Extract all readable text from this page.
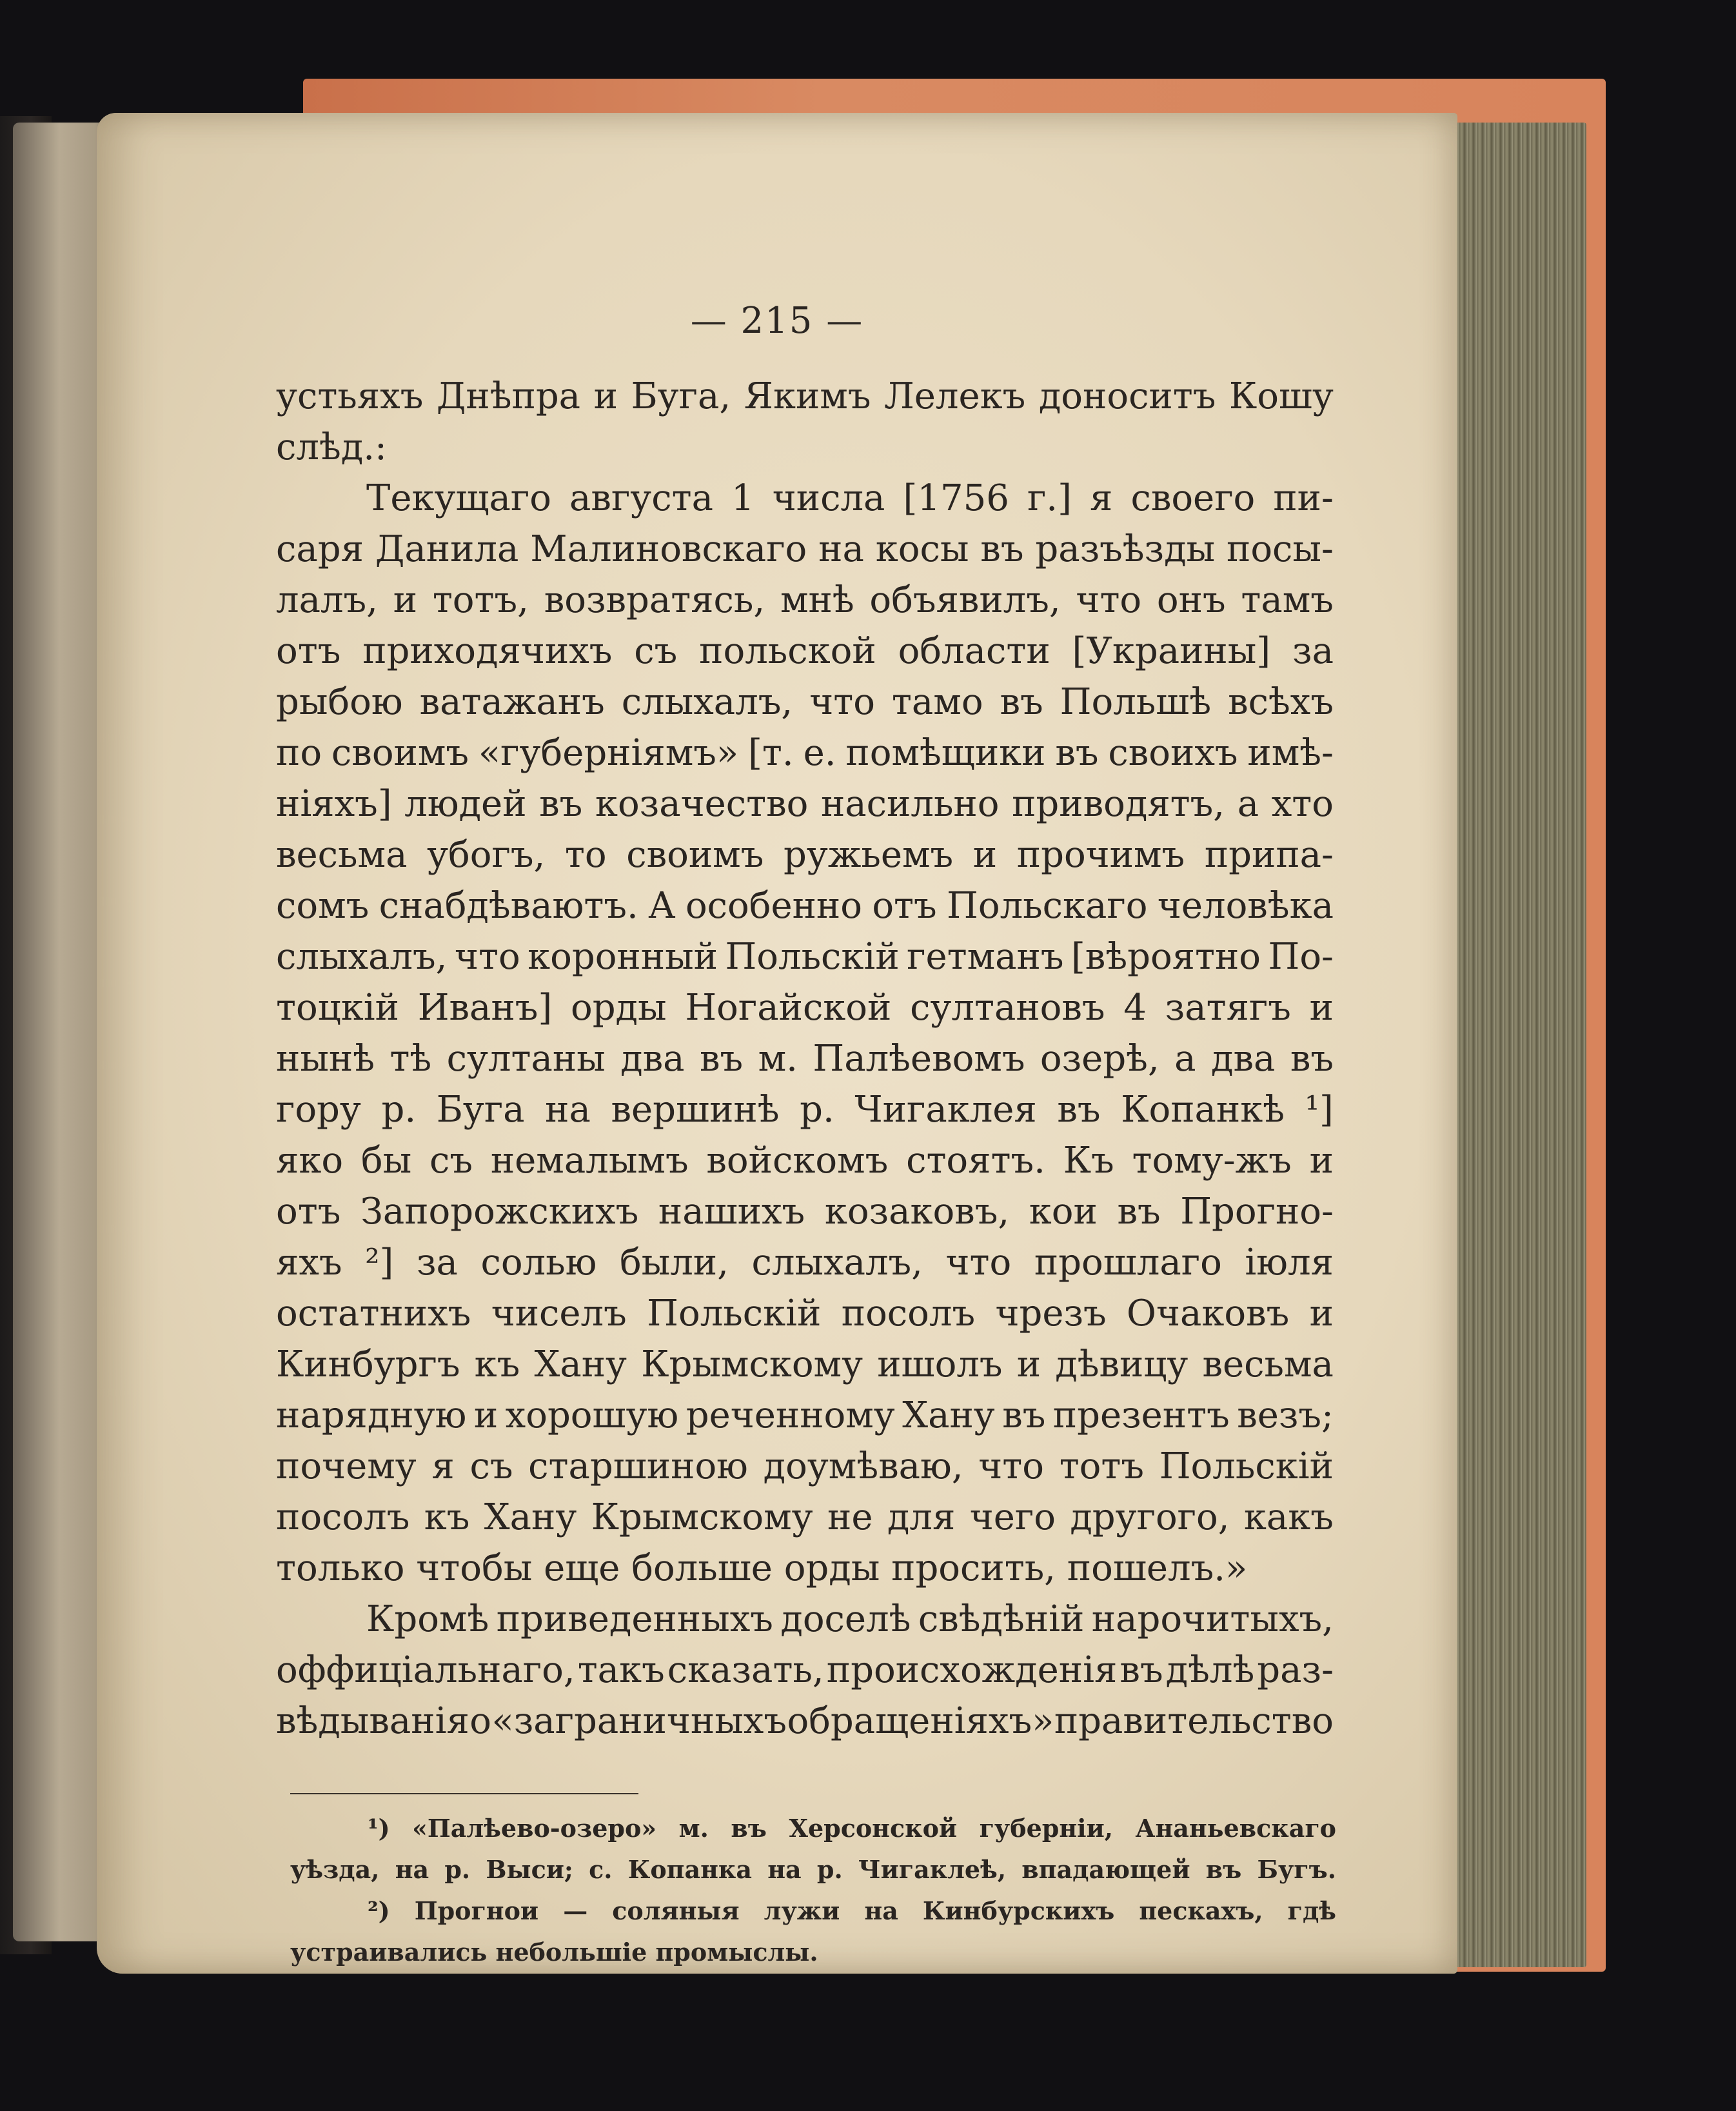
— 215 —
устьяхъ Днѣпра и Буга, Якимъ Лелекъ доноситъ Кошу
слѣд.:
Текущаго августа 1 числа [1756 г.] я своего пи-
саря Данила Малиновскаго на косы въ разъѣзды посы-
лалъ, и тотъ, возвратясь, мнѣ объявилъ, что онъ тамъ
отъ приходячихъ съ польской области [Украины] за
рыбою ватажанъ слыхалъ, что тамо въ Польшѣ всѣхъ
по своимъ «губерніямъ» [т. е. помѣщики въ своихъ имѣ-
ніяхъ] людей въ козачество насильно приводятъ, а хто
весьма убогъ, то своимъ ружьемъ и прочимъ припа-
сомъ снабдѣваютъ. А особенно отъ Польскаго человѣка
слыхалъ, что коронный Польскій гетманъ [вѣроятно По-
тоцкій Иванъ] орды Ногайской султановъ 4 затягъ и
нынѣ тѣ султаны два въ м. Палѣевомъ озерѣ, а два въ
гору р. Буга на вершинѣ р. Чигаклея въ Копанкѣ ¹]
яко бы съ немалымъ войскомъ стоятъ. Къ тому-жъ и
отъ Запорожскихъ нашихъ козаковъ, кои въ Прогно-
яхъ ²] за солью были, слыхалъ, что прошлаго іюля
остатнихъ чиселъ Польскій посолъ чрезъ Очаковъ и
Кинбургъ къ Хану Крымскому ишолъ и дѣвицу весьма
нарядную и хорошую реченному Хану въ презентъ везъ;
почему я съ старшиною доумѣваю, что тотъ Польскій
посолъ къ Хану Крымскому не для чего другого, какъ
только чтобы еще больше орды просить, пошелъ.»
Кромѣ приведенныхъ доселѣ свѣдѣній нарочитыхъ,
оффиціальнаго, такъ сказать, происхожденія въ дѣлѣ раз-
вѣдыванія о «заграничныхъ обращеніяхъ» правительство
¹) «Палѣево-озеро» м. въ Херсонской губерніи, Ананьевскаго
уѣзда, на р. Выси; с. Копанка на р. Чигаклеѣ, впадающей въ Бугъ.
²) Прогнои — соляныя лужи на Кинбурскихъ пескахъ, гдѣ
устраивались небольшіе промыслы.
